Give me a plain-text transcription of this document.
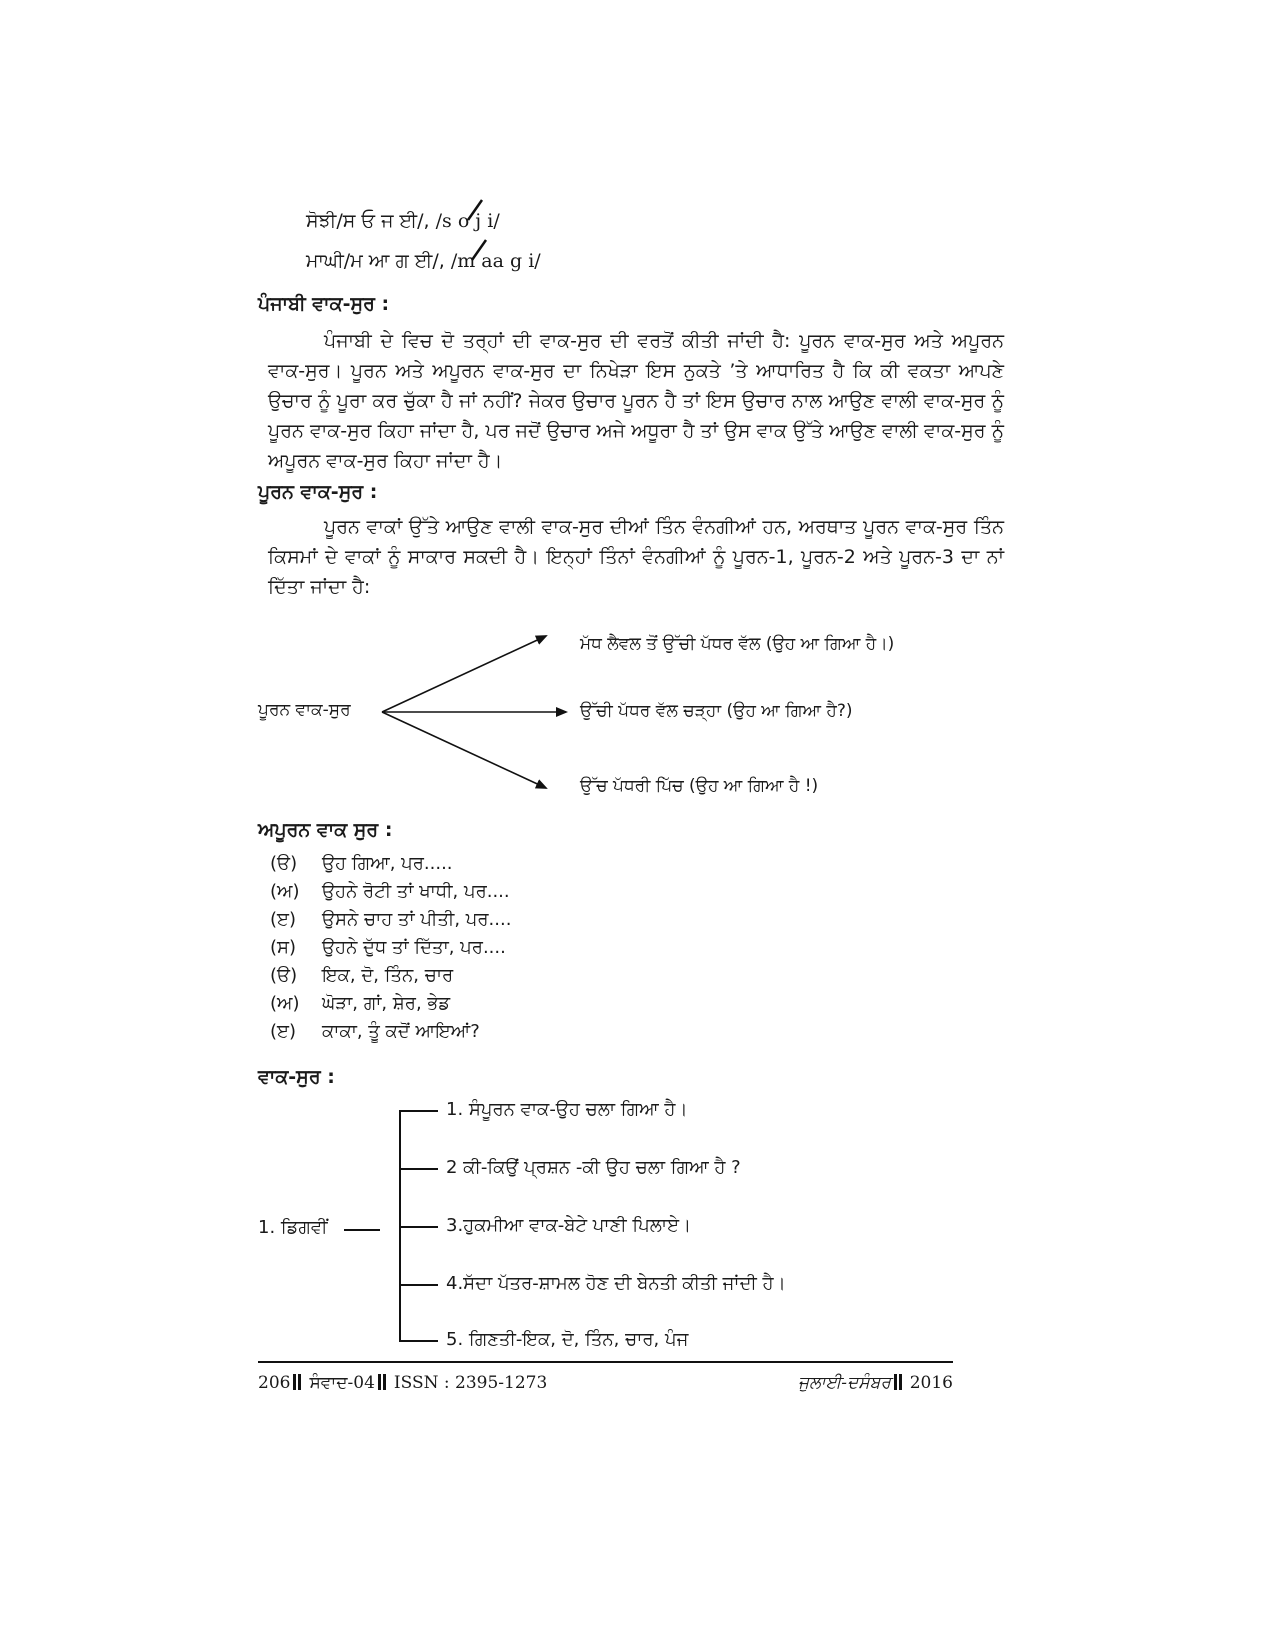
ਸੋਝੀ/ਸ ਓ ਜ ਈ/, /s o j i/
ਮਾਘੀ/ਮ ਆ ਗ ਈ/, /m aa g i/
ਪੰਜਾਬੀ ਵਾਕ-ਸੁਰ :
ਪੰਜਾਬੀ ਦੇ ਵਿਚ ਦੋ ਤਰ੍ਹਾਂ ਦੀ ਵਾਕ-ਸੁਰ ਦੀ ਵਰਤੋਂ ਕੀਤੀ ਜਾਂਦੀ ਹੈ: ਪੂਰਨ ਵਾਕ-ਸੁਰ ਅਤੇ ਅਪੂਰਨ ਵਾਕ-ਸੁਰ। ਪੂਰਨ ਅਤੇ ਅਪੂਰਨ ਵਾਕ-ਸੁਰ ਦਾ ਨਿਖੇੜਾ ਇਸ ਨੁਕਤੇ ’ਤੇ ਆਧਾਰਿਤ ਹੈ ਕਿ ਕੀ ਵਕਤਾ ਆਪਣੇ ਉਚਾਰ ਨੂੰ ਪੂਰਾ ਕਰ ਚੁੱਕਾ ਹੈ ਜਾਂ ਨਹੀਂ? ਜੇਕਰ ਉਚਾਰ ਪੂਰਨ ਹੈ ਤਾਂ ਇਸ ਉਚਾਰ ਨਾਲ ਆਉਣ ਵਾਲੀ ਵਾਕ-ਸੁਰ ਨੂੰ ਪੂਰਨ ਵਾਕ-ਸੁਰ ਕਿਹਾ ਜਾਂਦਾ ਹੈ, ਪਰ ਜਦੋਂ ਉਚਾਰ ਅਜੇ ਅਧੂਰਾ ਹੈ ਤਾਂ ਉਸ ਵਾਕ ਉੱਤੇ ਆਉਣ ਵਾਲੀ ਵਾਕ-ਸੁਰ ਨੂੰ ਅਪੂਰਨ ਵਾਕ-ਸੁਰ ਕਿਹਾ ਜਾਂਦਾ ਹੈ।
ਪੂਰਨ ਵਾਕ-ਸੁਰ :
ਪੂਰਨ ਵਾਕਾਂ ਉੱਤੇ ਆਉਣ ਵਾਲੀ ਵਾਕ-ਸੁਰ ਦੀਆਂ ਤਿੰਨ ਵੰਨਗੀਆਂ ਹਨ, ਅਰਥਾਤ ਪੂਰਨ ਵਾਕ-ਸੁਰ ਤਿੰਨ ਕਿਸਮਾਂ ਦੇ ਵਾਕਾਂ ਨੂੰ ਸਾਕਾਰ ਸਕਦੀ ਹੈ। ਇਨ੍ਹਾਂ ਤਿੰਨਾਂ ਵੰਨਗੀਆਂ ਨੂੰ ਪੂਰਨ-1, ਪੂਰਨ-2 ਅਤੇ ਪੂਰਨ-3 ਦਾ ਨਾਂ ਦਿੱਤਾ ਜਾਂਦਾ ਹੈ:
ਪੂਰਨ ਵਾਕ-ਸੁਰ
ਮੱਧ ਲੈਵਲ ਤੋਂ ਉੱਚੀ ਪੱਧਰ ਵੱਲ (ਉਹ ਆ ਗਿਆ ਹੈ।)
ਉੱਚੀ ਪੱਧਰ ਵੱਲ ਚੜ੍ਹਾ (ਉਹ ਆ ਗਿਆ ਹੈ?)
ਉੱਚ ਪੱਧਰੀ ਪਿੱਚ (ਉਹ ਆ ਗਿਆ ਹੈ !)
ਅਪੂਰਨ ਵਾਕ ਸੁਰ :
(ੳ) ਉਹ ਗਿਆ, ਪਰ.....
(ਅ) ਉਹਨੇ ਰੋਟੀ ਤਾਂ ਖਾਧੀ, ਪਰ....
(ੲ) ਉਸਨੇ ਚਾਹ ਤਾਂ ਪੀਤੀ, ਪਰ....
(ਸ) ਉਹਨੇ ਦੁੱਧ ਤਾਂ ਦਿੱਤਾ, ਪਰ....
(ੳ) ਇਕ, ਦੋ, ਤਿੰਨ, ਚਾਰ
(ਅ) ਘੋੜਾ, ਗਾਂ, ਸ਼ੇਰ, ਭੇਡ
(ੲ) ਕਾਕਾ, ਤੂੰ ਕਦੋਂ ਆਇਆਂ?
ਵਾਕ-ਸੁਰ :
1. ਡਿਗਵੀਂ
1. ਸੰਪੂਰਨ ਵਾਕ-ਉਹ ਚਲਾ ਗਿਆ ਹੈ।
2 ਕੀ-ਕਿਉਂ ਪ੍ਰਸ਼ਨ -ਕੀ ਉਹ ਚਲਾ ਗਿਆ ਹੈ ?
3.ਹੁਕਮੀਆ ਵਾਕ-ਬੇਟੇ ਪਾਣੀ ਪਿਲਾਏ।
4.ਸੱਦਾ ਪੱਤਰ-ਸ਼ਾਮਲ ਹੋਣ ਦੀ ਬੇਨਤੀ ਕੀਤੀ ਜਾਂਦੀ ਹੈ।
5. ਗਿਣਤੀ-ਇਕ, ਦੋ, ਤਿੰਨ, ਚਾਰ, ਪੰਜ
206 ਸੰਵਾਦ-04 ISSN : 2395-1273	ਜੁਲਾਈ-ਦਸੰਬਰ 2016
